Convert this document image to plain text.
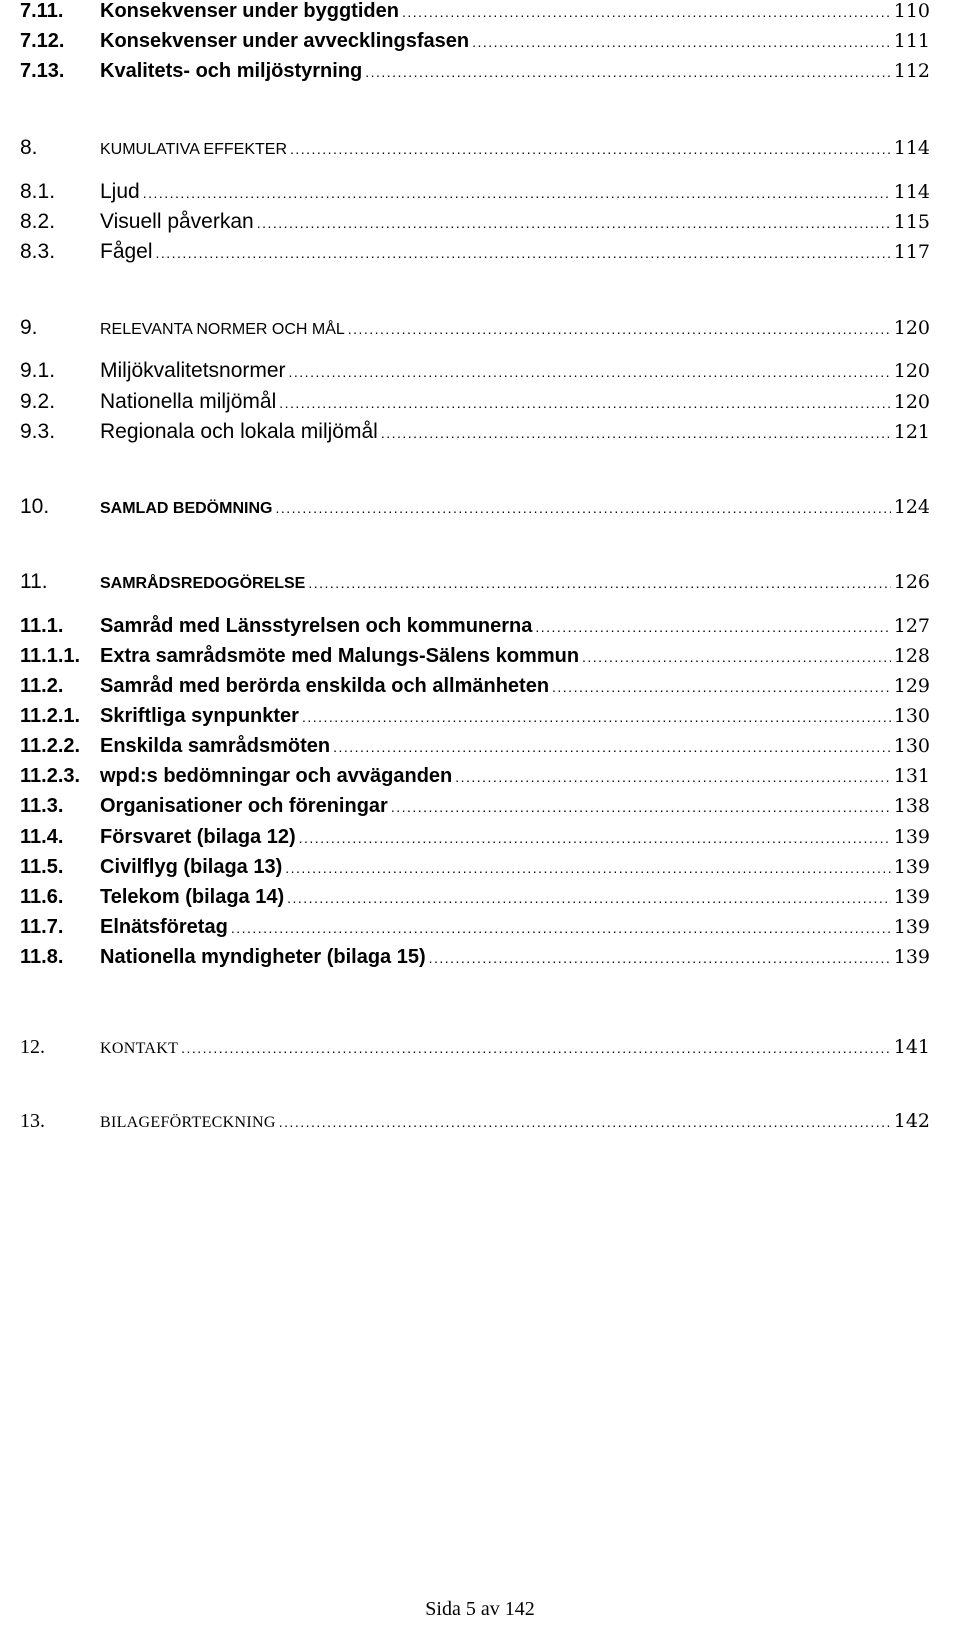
7.11.	Konsekvenser under byggtiden . . .	110
7.12.	Konsekvenser under avvecklingsfasen . . .	111
7.13.	Kvalitets- och miljöstyrning . . .	112
8.	KUMULATIVA EFFEKTER . . .	114
8.1.	Ljud . . .	114
8.2.	Visuell påverkan . . .	115
8.3.	Fågel . . .	117
9.	RELEVANTA NORMER OCH MÅL . . .	120
9.1.	Miljökvalitetsnormer . . .	120
9.2.	Nationella miljömål . . .	120
9.3.	Regionala och lokala miljömål . . .	121
10.	SAMLAD BEDÖMNING . . .	124
11.	SAMRÅDSREDOGÖRELSE . . .	126
11.1.	Samråd med Länsstyrelsen och kommunerna . . .	127
11.1.1. Extra samrådsmöte med Malungs-Sälens kommun . . .	128
11.2.	Samråd med berörda enskilda och allmänheten . . .	129
11.2.1. Skriftliga synpunkter . . .	130
11.2.2. Enskilda samrådsmöten . . .	130
11.2.3. wpd:s bedömningar och avväganden . . .	131
11.3.	Organisationer och föreningar . . .	138
11.4.	Försvaret (bilaga 12) . . .	139
11.5.	Civilflyg (bilaga 13) . . .	139
11.6.	Telekom (bilaga 14) . . .	139
11.7.	Elnätsföretag . . .	139
11.8.	Nationella myndigheter (bilaga 15) . . .	139
12.	KONTAKT . . .	141
13.	BILAGEFÖRTECKNING . . .	142
Sida 5 av 142
